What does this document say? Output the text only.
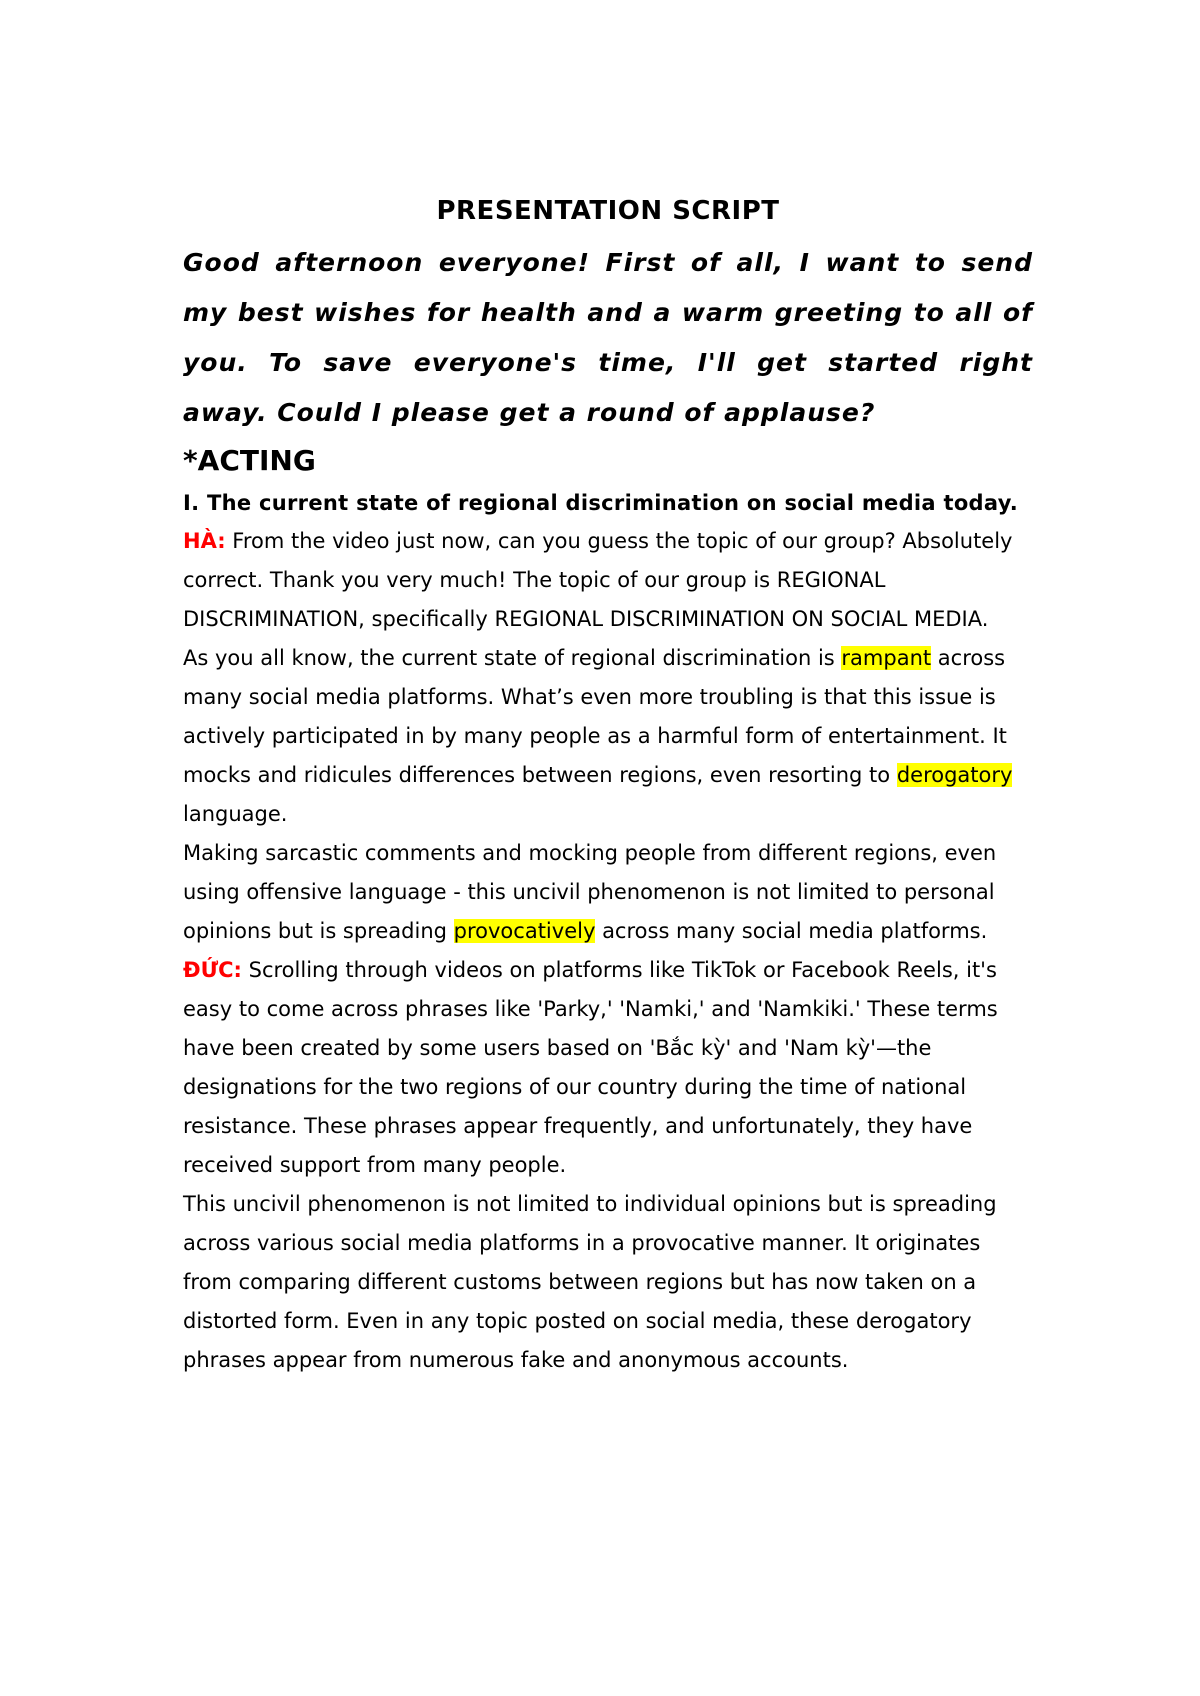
PRESENTATION SCRIPT

Good afternoon everyone! First of all, I want to send my best wishes for health and a warm greeting to all of you. To save everyone's time, I'll get started right away. Could I please get a round of applause?

*ACTING

I. The current state of regional discrimination on social media today.

HÀ: From the video just now, can you guess the topic of our group? Absolutely correct. Thank you very much! The topic of our group is REGIONAL DISCRIMINATION, specifically REGIONAL DISCRIMINATION ON SOCIAL MEDIA.

As you all know, the current state of regional discrimination is rampant across many social media platforms. What’s even more troubling is that this issue is actively participated in by many people as a harmful form of entertainment. It mocks and ridicules differences between regions, even resorting to derogatory language.

Making sarcastic comments and mocking people from different regions, even using offensive language - this uncivil phenomenon is not limited to personal opinions but is spreading provocatively across many social media platforms.

ĐỨC: Scrolling through videos on platforms like TikTok or Facebook Reels, it's easy to come across phrases like 'Parky,' 'Namki,' and 'Namkiki.' These terms have been created by some users based on 'Bắc kỳ' and 'Nam kỳ'—the designations for the two regions of our country during the time of national resistance. These phrases appear frequently, and unfortunately, they have received support from many people.

This uncivil phenomenon is not limited to individual opinions but is spreading across various social media platforms in a provocative manner. It originates from comparing different customs between regions but has now taken on a distorted form. Even in any topic posted on social media, these derogatory phrases appear from numerous fake and anonymous accounts.
